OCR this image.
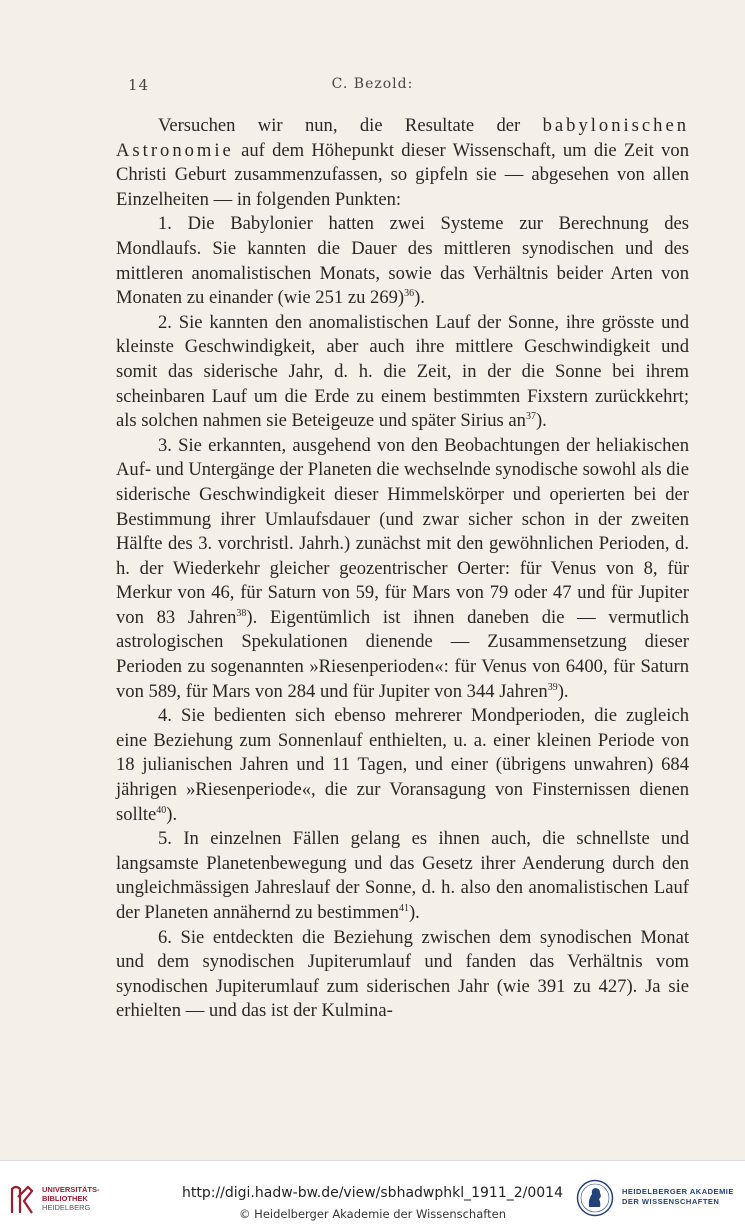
14	C. Bezold:

Versuchen wir nun, die Resultate der babylonischen Astronomie auf dem Höhepunkt dieser Wissenschaft, um die Zeit von Christi Geburt zusammenzufassen, so gipfeln sie — abgesehen von allen Einzelheiten — in folgenden Punkten:

1. Die Babylonier hatten zwei Systeme zur Berechnung des Mondlaufs. Sie kannten die Dauer des mittleren synodischen und des mittleren anomalistischen Monats, sowie das Verhältnis beider Arten von Monaten zu einander (wie 251 zu 269)$^{36}$).

2. Sie kannten den anomalistischen Lauf der Sonne, ihre grösste und kleinste Geschwindigkeit, aber auch ihre mittlere Geschwindigkeit und somit das siderische Jahr, d. h. die Zeit, in der die Sonne bei ihrem scheinbaren Lauf um die Erde zu einem bestimmten Fixstern zurückkehrt; als solchen nahmen sie Beteigeuze und später Sirius $an^{37}$).

3. Sie erkannten, ausgehend von den Beobachtungen der heliakischen Auf- und Untergänge der Planeten die wechselnde synodische sowohl als die siderische Geschwindigkeit dieser Himmelskörper und operierten bei der Bestimmung ihrer Umlaufsdauer (und zwar sicher schon in der zweiten Hälfte des 3. vorchristl. Jahrh.) zunächst mit den gewöhnlichen Perioden, d. h. der Wiederkehr gleicher geozentrischer Oerter: für Venus von 8, für Merkur von 46, für Saturn von 59, für Mars von 79 oder 47 und für Jupiter von 83 Jahren$^{38}$). Eigentümlich ist ihnen daneben die — vermutlich astrologischen Spekulationen dienende — Zusammensetzung dieser Perioden zu sogenannten »Riesenperioden«: für Venus von 6400, für Saturn von 589, für Mars von 284 und für Jupiter von 344 Jahren$^{39}$).

4. Sie bedienten sich ebenso mehrerer Mondperioden, die zugleich eine Beziehung zum Sonnenlauf enthielten, u. a. einer kleinen Periode von 18 julianischen Jahren und 11 Tagen, und einer (übrigens unwahren) 684 jährigen »Riesenperiode«, die zur Voransagung von Finsternissen dienen sollte$^{40}$).

5. In einzelnen Fällen gelang es ihnen auch, die schnellste und langsamste Planetenbewegung und das Gesetz ihrer Aenderung durch den ungleichmässigen Jahreslauf der Sonne, d. h. also den anomalistischen Lauf der Planeten annähernd zu bestimmen$^{41}$).

6. Sie entdeckten die Beziehung zwischen dem synodischen Monat und dem synodischen Jupiterumlauf und fanden das Verhältnis vom synodischen Jupiterumlauf zum siderischen Jahr (wie 391 zu 427). Ja sie erhielten — und das ist der Kulmina-

UNIVERSITÄTS-
BIBLIOTHEK
HEIDELBERG
http://digi.hadw-bw.de/view/sbhadwphkl_1911_2/0014
© Heidelberger Akademie der Wissenschaften
HEIDELBERGER AKADEMIE
DER WISSENSCHAFTEN
